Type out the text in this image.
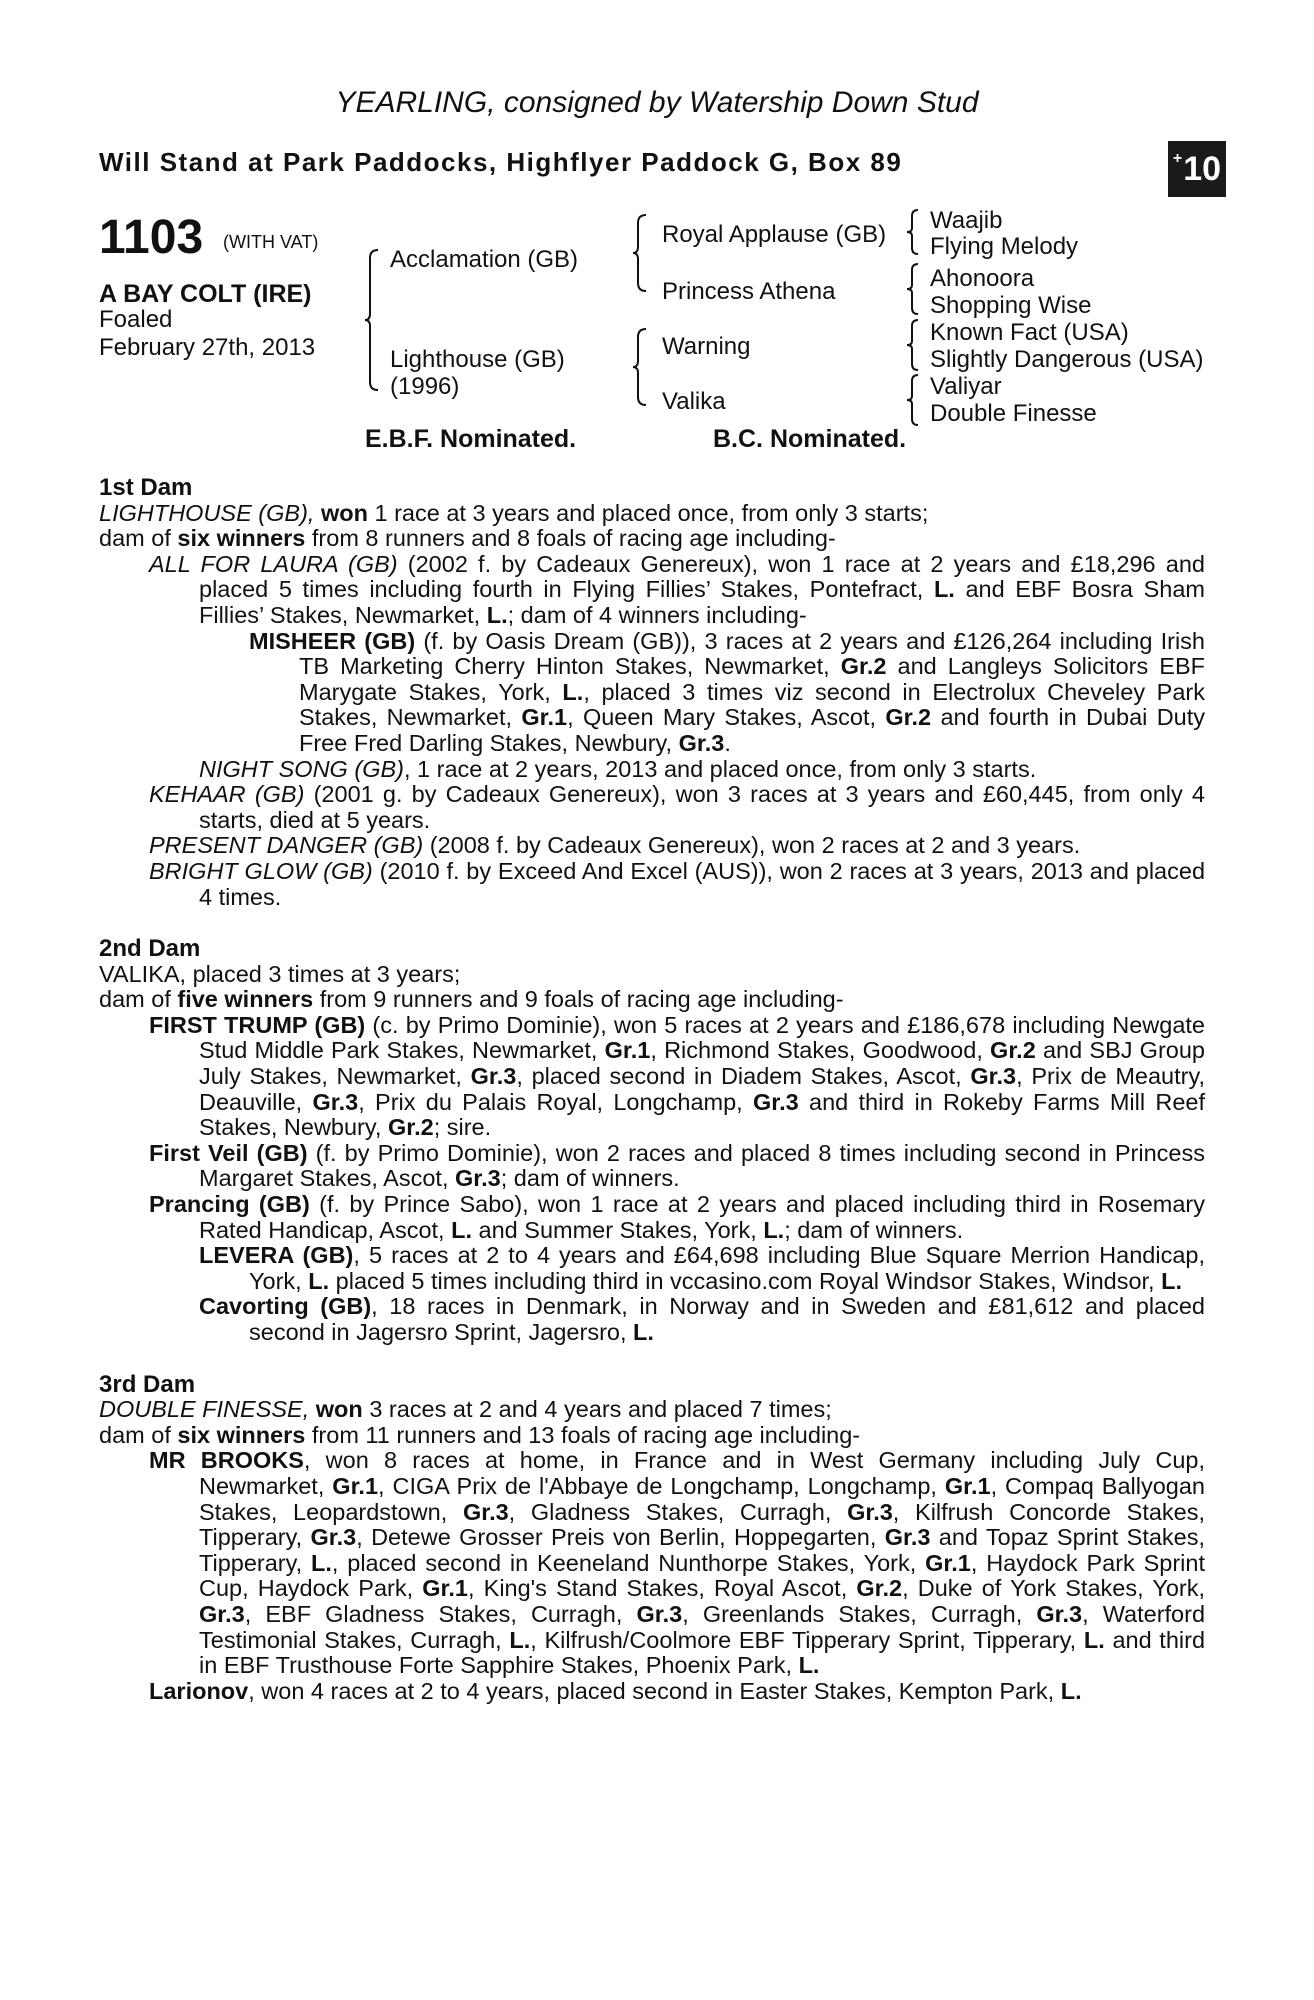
YEARLING, consigned by Watership Down Stud
Will Stand at Park Paddocks, Highflyer Paddock G, Box 89	+ 10
1103 (WITH VAT)
A BAY COLT (IRE)
Foaled
February 27th, 2013
Acclamation (GB)
Lighthouse (GB)
(1996)
Royal Applause (GB)
Princess Athena
Warning
Valika
Waajib
Flying Melody
Ahonoora
Shopping Wise
Known Fact (USA)
Slightly Dangerous (USA)
Valiyar
Double Finesse
E.B.F. Nominated.	B.C. Nominated.
1st Dam
LIGHTHOUSE (GB), won 1 race at 3 years and placed once, from only 3 starts;
dam of six winners from 8 runners and 8 foals of racing age including-
ALL FOR LAURA (GB) (2002 f. by Cadeaux Genereux), won 1 race at 2 years and £18,296 and placed 5 times including fourth in Flying Fillies’ Stakes, Pontefract, L. and EBF Bosra Sham Fillies’ Stakes, Newmarket, L.; dam of 4 winners including-
MISHEER (GB) (f. by Oasis Dream (GB)), 3 races at 2 years and £126,264 including Irish TB Marketing Cherry Hinton Stakes, Newmarket, Gr.2 and Langleys Solicitors EBF Marygate Stakes, York, L., placed 3 times viz second in Electrolux Cheveley Park Stakes, Newmarket, Gr.1, Queen Mary Stakes, Ascot, Gr.2 and fourth in Dubai Duty Free Fred Darling Stakes, Newbury, Gr.3.
NIGHT SONG (GB), 1 race at 2 years, 2013 and placed once, from only 3 starts.
KEHAAR (GB) (2001 g. by Cadeaux Genereux), won 3 races at 3 years and £60,445, from only 4 starts, died at 5 years.
PRESENT DANGER (GB) (2008 f. by Cadeaux Genereux), won 2 races at 2 and 3 years.
BRIGHT GLOW (GB) (2010 f. by Exceed And Excel (AUS)), won 2 races at 3 years, 2013 and placed 4 times.
2nd Dam
VALIKA, placed 3 times at 3 years;
dam of five winners from 9 runners and 9 foals of racing age including-
FIRST TRUMP (GB) (c. by Primo Dominie), won 5 races at 2 years and £186,678 including Newgate Stud Middle Park Stakes, Newmarket, Gr.1, Richmond Stakes, Goodwood, Gr.2 and SBJ Group July Stakes, Newmarket, Gr.3, placed second in Diadem Stakes, Ascot, Gr.3, Prix de Meautry, Deauville, Gr.3, Prix du Palais Royal, Longchamp, Gr.3 and third in Rokeby Farms Mill Reef Stakes, Newbury, Gr.2; sire.
First Veil (GB) (f. by Primo Dominie), won 2 races and placed 8 times including second in Princess Margaret Stakes, Ascot, Gr.3; dam of winners.
Prancing (GB) (f. by Prince Sabo), won 1 race at 2 years and placed including third in Rosemary Rated Handicap, Ascot, L. and Summer Stakes, York, L.; dam of winners.
LEVERA (GB), 5 races at 2 to 4 years and £64,698 including Blue Square Merrion Handicap, York, L. placed 5 times including third in vccasino.com Royal Windsor Stakes, Windsor, L.
Cavorting (GB), 18 races in Denmark, in Norway and in Sweden and £81,612 and placed second in Jagersro Sprint, Jagersro, L.
3rd Dam
DOUBLE FINESSE, won 3 races at 2 and 4 years and placed 7 times;
dam of six winners from 11 runners and 13 foals of racing age including-
MR BROOKS, won 8 races at home, in France and in West Germany including July Cup, Newmarket, Gr.1, CIGA Prix de l'Abbaye de Longchamp, Longchamp, Gr.1, Compaq Ballyogan Stakes, Leopardstown, Gr.3, Gladness Stakes, Curragh, Gr.3, Kilfrush Concorde Stakes, Tipperary, Gr.3, Detewe Grosser Preis von Berlin, Hoppegarten, Gr.3 and Topaz Sprint Stakes, Tipperary, L., placed second in Keeneland Nunthorpe Stakes, York, Gr.1, Haydock Park Sprint Cup, Haydock Park, Gr.1, King's Stand Stakes, Royal Ascot, Gr.2, Duke of York Stakes, York, Gr.3, EBF Gladness Stakes, Curragh, Gr.3, Greenlands Stakes, Curragh, Gr.3, Waterford Testimonial Stakes, Curragh, L., Kilfrush/Coolmore EBF Tipperary Sprint, Tipperary, L. and third in EBF Trusthouse Forte Sapphire Stakes, Phoenix Park, L.
Larionov, won 4 races at 2 to 4 years, placed second in Easter Stakes, Kempton Park, L.
